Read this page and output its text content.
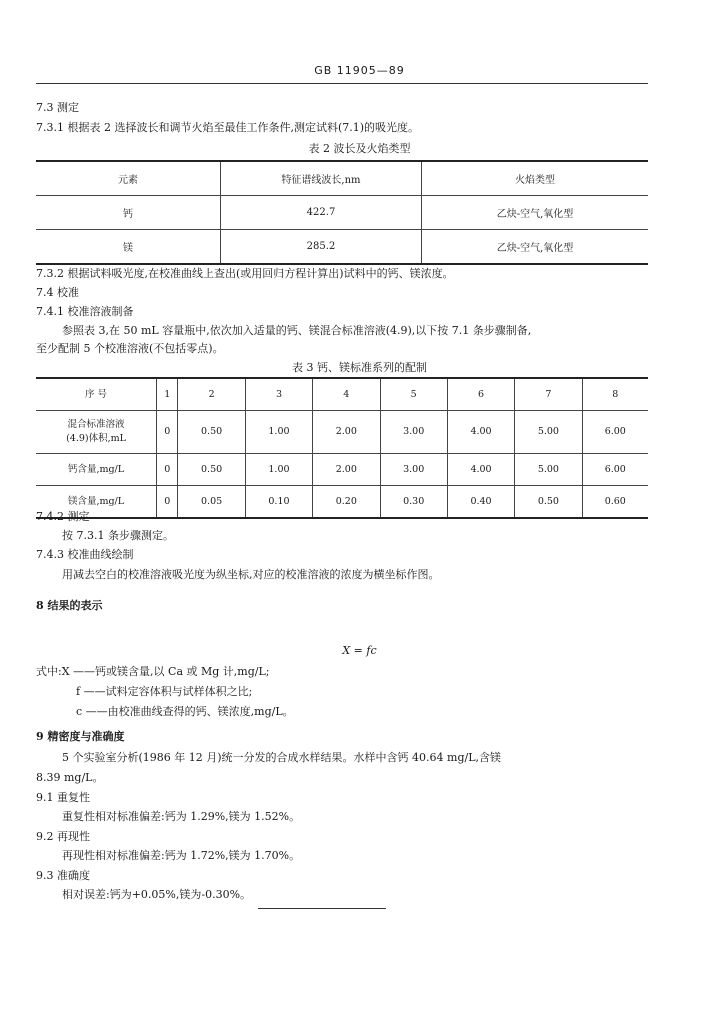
GB 11905—89
7.3 测定
7.3.1 根据表 2 选择波长和调节火焰至最佳工作条件,测定试料(7.1)的吸光度。
表 2 波长及火焰类型
元素	特征谱线波长,nm	火焰类型
钙	422.7	乙炔-空气,氧化型
镁	285.2	乙炔-空气,氧化型
7.3.2 根据试料吸光度,在校准曲线上查出(或用回归方程计算出)试料中的钙、镁浓度。
7.4 校准
7.4.1 校准溶液制备
参照表 3,在 50 mL 容量瓶中,依次加入适量的钙、镁混合标准溶液(4.9),以下按 7.1 条步骤制备,
至少配制 5 个校准溶液(不包括零点)。
表 3 钙、镁标准系列的配制
序 号	1	2	3	4	5	6	7	8
混合标准溶液
(4.9)体积,mL	0	0.50	1.00	2.00	3.00	4.00	5.00	6.00
钙含量,mg/L	0	0.50	1.00	2.00	3.00	4.00	5.00	6.00
镁含量,mg/L	0	0.05	0.10	0.20	0.30	0.40	0.50	0.60
7.4.2 测定
按 7.3.1 条步骤测定。
7.4.3 校准曲线绘制
用减去空白的校准溶液吸光度为纵坐标,对应的校准溶液的浓度为横坐标作图。
8 结果的表示
X = fc
式中:X ——钙或镁含量,以 Ca 或 Mg 计,mg/L;
f ——试料定容体积与试样体积之比;
c ——由校准曲线查得的钙、镁浓度,mg/L。
9 精密度与准确度
5 个实验室分析(1986 年 12 月)统一分发的合成水样结果。水样中含钙 40.64 mg/L,含镁
8.39 mg/L。
9.1 重复性
重复性相对标准偏差:钙为 1.29%,镁为 1.52%。
9.2 再现性
再现性相对标准偏差:钙为 1.72%,镁为 1.70%。
9.3 准确度
相对误差:钙为+0.05%,镁为-0.30%。
